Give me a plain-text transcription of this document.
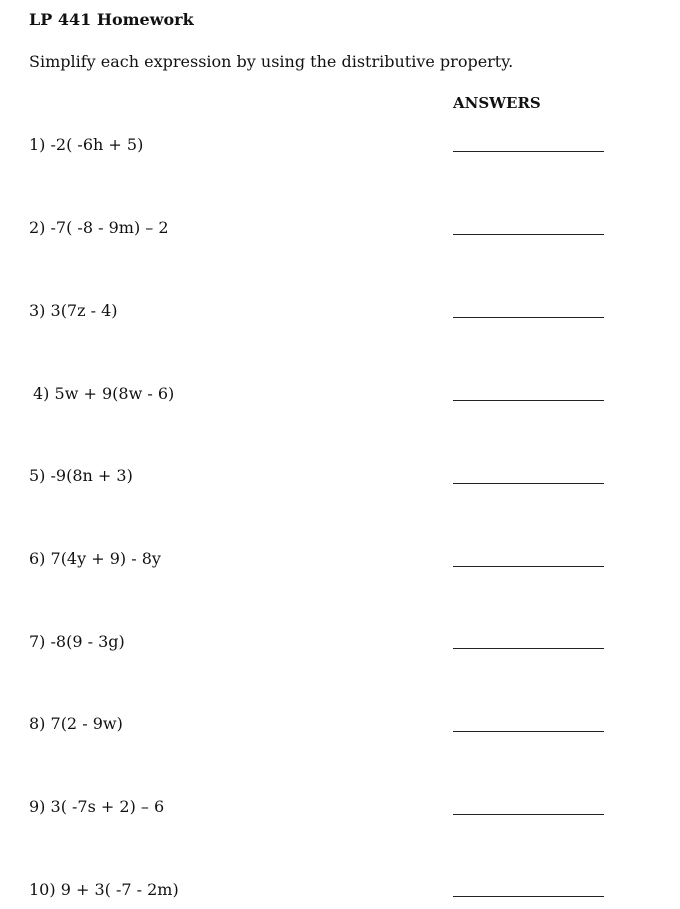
LP 441 Homework
Simplify each expression by using the distributive property.
ANSWERS
1) -2( -6h + 5)
2) -7( -8 - 9m) – 2
3) 3(7z - 4)
4) 5w + 9(8w - 6)
5) -9(8n + 3)
6) 7(4y + 9) - 8y
7) -8(9 - 3g)
8) 7(2 - 9w)
9) 3( -7s + 2) – 6
10) 9 + 3( -7 - 2m)
